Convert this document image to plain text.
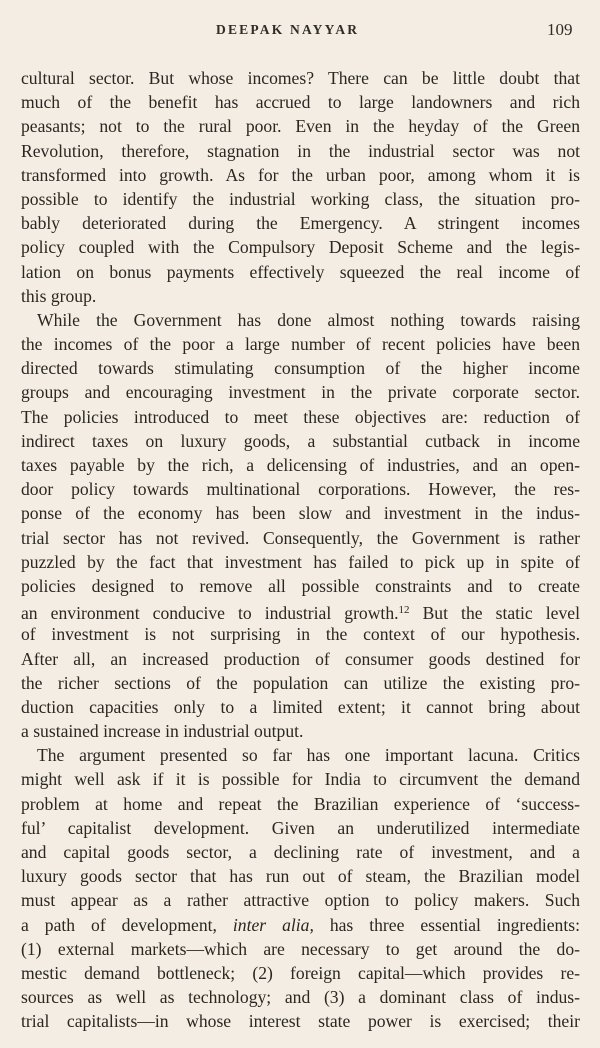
DEEPAK NAYYAR	109
cultural sector. But whose incomes? There can be little doubt that
much of the benefit has accrued to large landowners and rich
peasants; not to the rural poor. Even in the heyday of the Green
Revolution, therefore, stagnation in the industrial sector was not
transformed into growth. As for the urban poor, among whom it is
possible to identify the industrial working class, the situation pro-
bably deteriorated during the Emergency. A stringent incomes
policy coupled with the Compulsory Deposit Scheme and the legis-
lation on bonus payments effectively squeezed the real income of
this group.
While the Government has done almost nothing towards raising
the incomes of the poor a large number of recent policies have been
directed towards stimulating consumption of the higher income
groups and encouraging investment in the private corporate sector.
The policies introduced to meet these objectives are: reduction of
indirect taxes on luxury goods, a substantial cutback in income
taxes payable by the rich, a delicensing of industries, and an open-
door policy towards multinational corporations. However, the res-
ponse of the economy has been slow and investment in the indus-
trial sector has not revived. Consequently, the Government is rather
puzzled by the fact that investment has failed to pick up in spite of
policies designed to remove all possible constraints and to create
an environment conducive to industrial growth.$^{12}$ But the static level
of investment is not surprising in the context of our hypothesis.
After all, an increased production of consumer goods destined for
the richer sections of the population can utilize the existing pro-
duction capacities only to a limited extent; it cannot bring about
a sustained increase in industrial output.
The argument presented so far has one important lacuna. Critics
might well ask if it is possible for India to circumvent the demand
problem at home and repeat the Brazilian experience of ‘success-
ful’ capitalist development. Given an underutilized intermediate
and capital goods sector, a declining rate of investment, and a
luxury goods sector that has run out of steam, the Brazilian model
must appear as a rather attractive option to policy makers. Such
a path of development, inter alia, has three essential ingredients:
(1) external markets—which are necessary to get around the do-
mestic demand bottleneck; (2) foreign capital—which provides re-
sources as well as technology; and (3) a dominant class of indus-
trial capitalists—in whose interest state power is exercised; their
